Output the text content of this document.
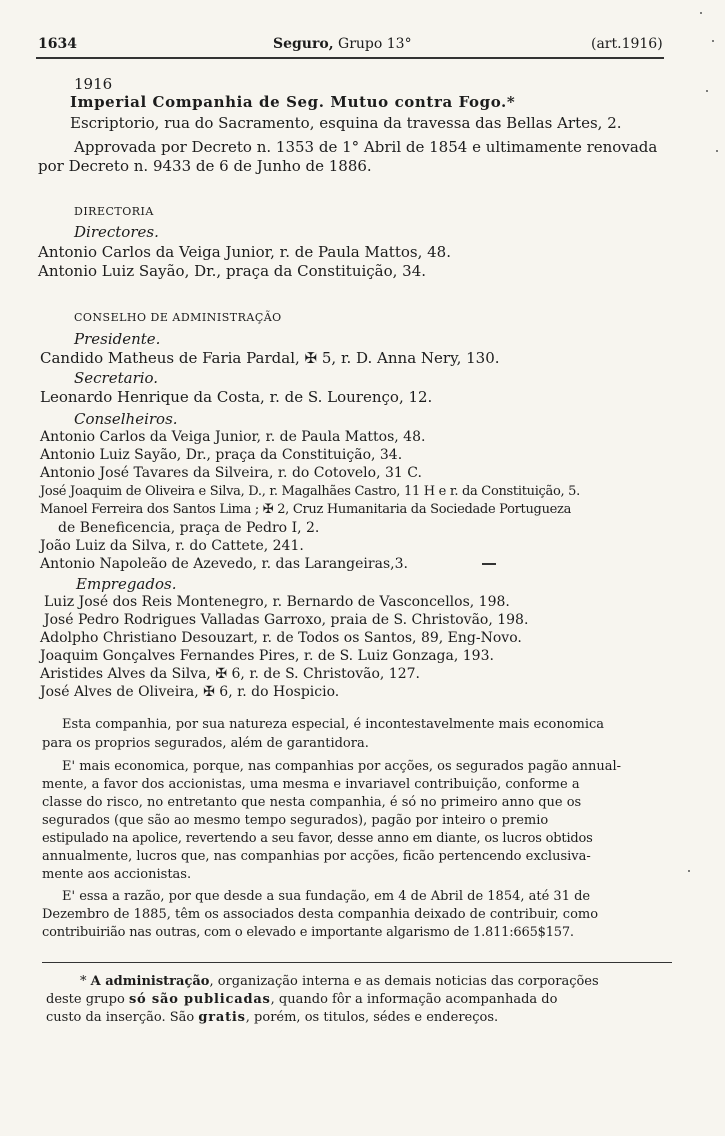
1634	Seguro, Grupo 13°	(art.1916)
1916
Imperial Companhia de Seg. Mutuo contra Fogo.*
Escriptorio, rua do Sacramento, esquina da travessa das Bellas Artes, 2.
Approvada por Decreto n. 1353 de 1° Abril de 1854 e ultimamente renovada
por Decreto n. 9433 de 6 de Junho de 1886.
DIRECTORIA
Directores.
Antonio Carlos da Veiga Junior, r. de Paula Mattos, 48.
Antonio Luiz Sayão, Dr., praça da Constituição, 34.
CONSELHO DE ADMINISTRAÇÃO
Presidente.
Candido Matheus de Faria Pardal, ✠ 5, r. D. Anna Nery, 130.
Secretario.
Leonardo Henrique da Costa, r. de S. Lourenço, 12.
Conselheiros.
Antonio Carlos da Veiga Junior, r. de Paula Mattos, 48.
Antonio Luiz Sayão, Dr., praça da Constituição, 34.
Antonio José Tavares da Silveira, r. do Cotovelo, 31 C.
José Joaquim de Oliveira e Silva, D., r. Magalhães Castro, 11 H e r. da Constituição, 5.
Manoel Ferreira dos Santos Lima ; ✠ 2, Cruz Humanitaria da Sociedade Portugueza
de Beneficencia, praça de Pedro I, 2.
João Luiz da Silva, r. do Cattete, 241.
Antonio Napoleão de Azevedo, r. das Larangeiras,3.
Empregados.
Luiz José dos Reis Montenegro, r. Bernardo de Vasconcellos, 198.
José Pedro Rodrigues Valladas Garroxo, praia de S. Christovão, 198.
Adolpho Christiano Desouzart, r. de Todos os Santos, 89, Eng-Novo.
Joaquim Gonçalves Fernandes Pires, r. de S. Luiz Gonzaga, 193.
Aristides Alves da Silva, ✠ 6, r. de S. Christovão, 127.
José Alves de Oliveira, ✠ 6, r. do Hospicio.
Esta companhia, por sua natureza especial, é incontestavelmente mais economica
para os proprios segurados, além de garantidora.
E' mais economica, porque, nas companhias por acções, os segurados pagão annual-
mente, a favor dos accionistas, uma mesma e invariavel contribuição, conforme a
classe do risco, no entretanto que nesta companhia, é só no primeiro anno que os
segurados (que são ao mesmo tempo segurados), pagão por inteiro o premio
estipulado na apolice, revertendo a seu favor, desse anno em diante, os lucros obtidos
annualmente, lucros que, nas companhias por acções, ficão pertencendo exclusiva-
mente aos accionistas.
E' essa a razão, por que desde a sua fundação, em 4 de Abril de 1854, até 31 de
Dezembro de 1885, têm os associados desta companhia deixado de contribuir, como
contribuirião nas outras, com o elevado e importante algarismo de 1.811:665$157.
* A administração, organização interna e as demais noticias das corporações
deste grupo só são publicadas, quando fôr a informação acompanhada do
custo da inserção. São gratis, porém, os titulos, sédes e endereços.
